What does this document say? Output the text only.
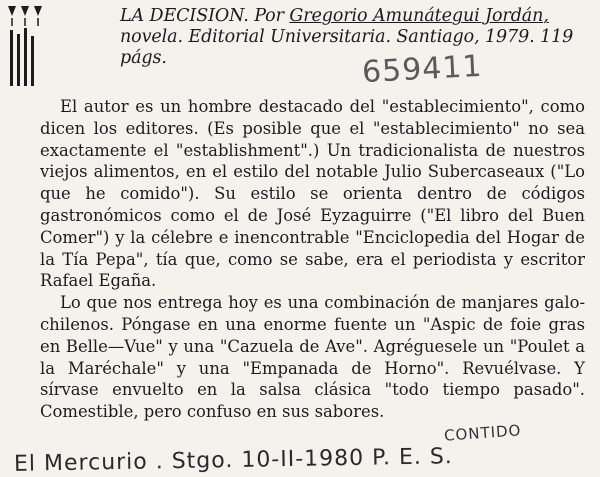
LA DECISION. Por Gregorio Amunátegui Jordán, novela. Editorial Universitaria. Santiago, 1979. 119 págs.	659411

El autor es un hombre destacado del "establecimiento", como dicen los editores. (Es posible que el "establecimiento" no sea exactamente el "establishment".) Un tradicionalista de nuestros viejos alimentos, en el estilo del notable Julio Subercaseaux ("Lo que he comido"). Su estilo se orienta dentro de códigos gastronómicos como el de José Eyzaguirre ("El libro del Buen Comer") y la célebre e inencontrable "Enciclopedia del Hogar de la Tía Pepa", tía que, como se sabe, era el periodista y escritor Rafael Egaña.

Lo que nos entrega hoy es una combinación de manjares galo-chilenos. Póngase en una enorme fuente un "Aspic de foie gras en Belle—Vue" y una "Cazuela de Ave". Agréguesele un "Poulet a la Maréchale" y una "Empanada de Horno". Revuélvase. Y sírvase envuelto en la salsa clásica "todo tiempo pasado". Comestible, pero confuso en sus sabores.

CONTIDO
El Mercurio . Stgo. 10-II-1980 P. E. S.
